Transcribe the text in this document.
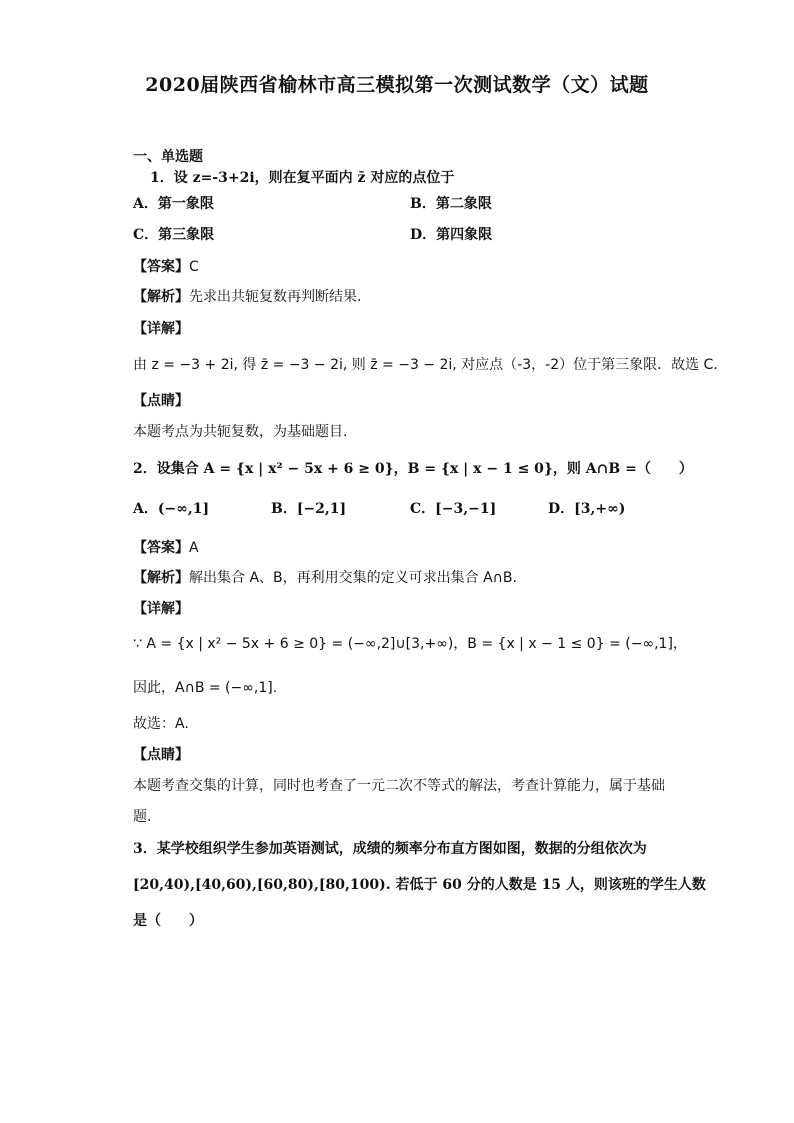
2020届陕西省榆林市高三模拟第一次测试数学（文）试题
一、单选题
1．设 z=-3+2i，则在复平面内 z̄ 对应的点位于
A．第一象限	B．第二象限
C．第三象限	D．第四象限
【答案】C
【解析】先求出共轭复数再判断结果.
【详解】
由 z = −3 + 2i, 得 z̄ = −3 − 2i, 则 z̄ = −3 − 2i, 对应点（-3，-2）位于第三象限．故选 C．
【点睛】
本题考点为共轭复数，为基础题目.
2．设集合 A = {x | x² − 5x + 6 ≥ 0}，B = {x | x − 1 ≤ 0}，则 A∩B =（　　）
A．(−∞,1]	B．[−2,1]	C．[−3,−1]	D．[3,+∞)
【答案】A
【解析】解出集合 A、B，再利用交集的定义可求出集合 A∩B.
【详解】
∵ A = {x | x² − 5x + 6 ≥ 0} = (−∞,2]∪[3,+∞)，B = {x | x − 1 ≤ 0} = (−∞,1]，
因此，A∩B = (−∞,1].
故选：A.
【点睛】
本题考查交集的计算，同时也考查了一元二次不等式的解法，考查计算能力，属于基础
题.
3．某学校组织学生参加英语测试，成绩的频率分布直方图如图，数据的分组依次为
[20,40),[40,60),[60,80),[80,100). 若低于 60 分的人数是 15 人，则该班的学生人数
是（　　）
